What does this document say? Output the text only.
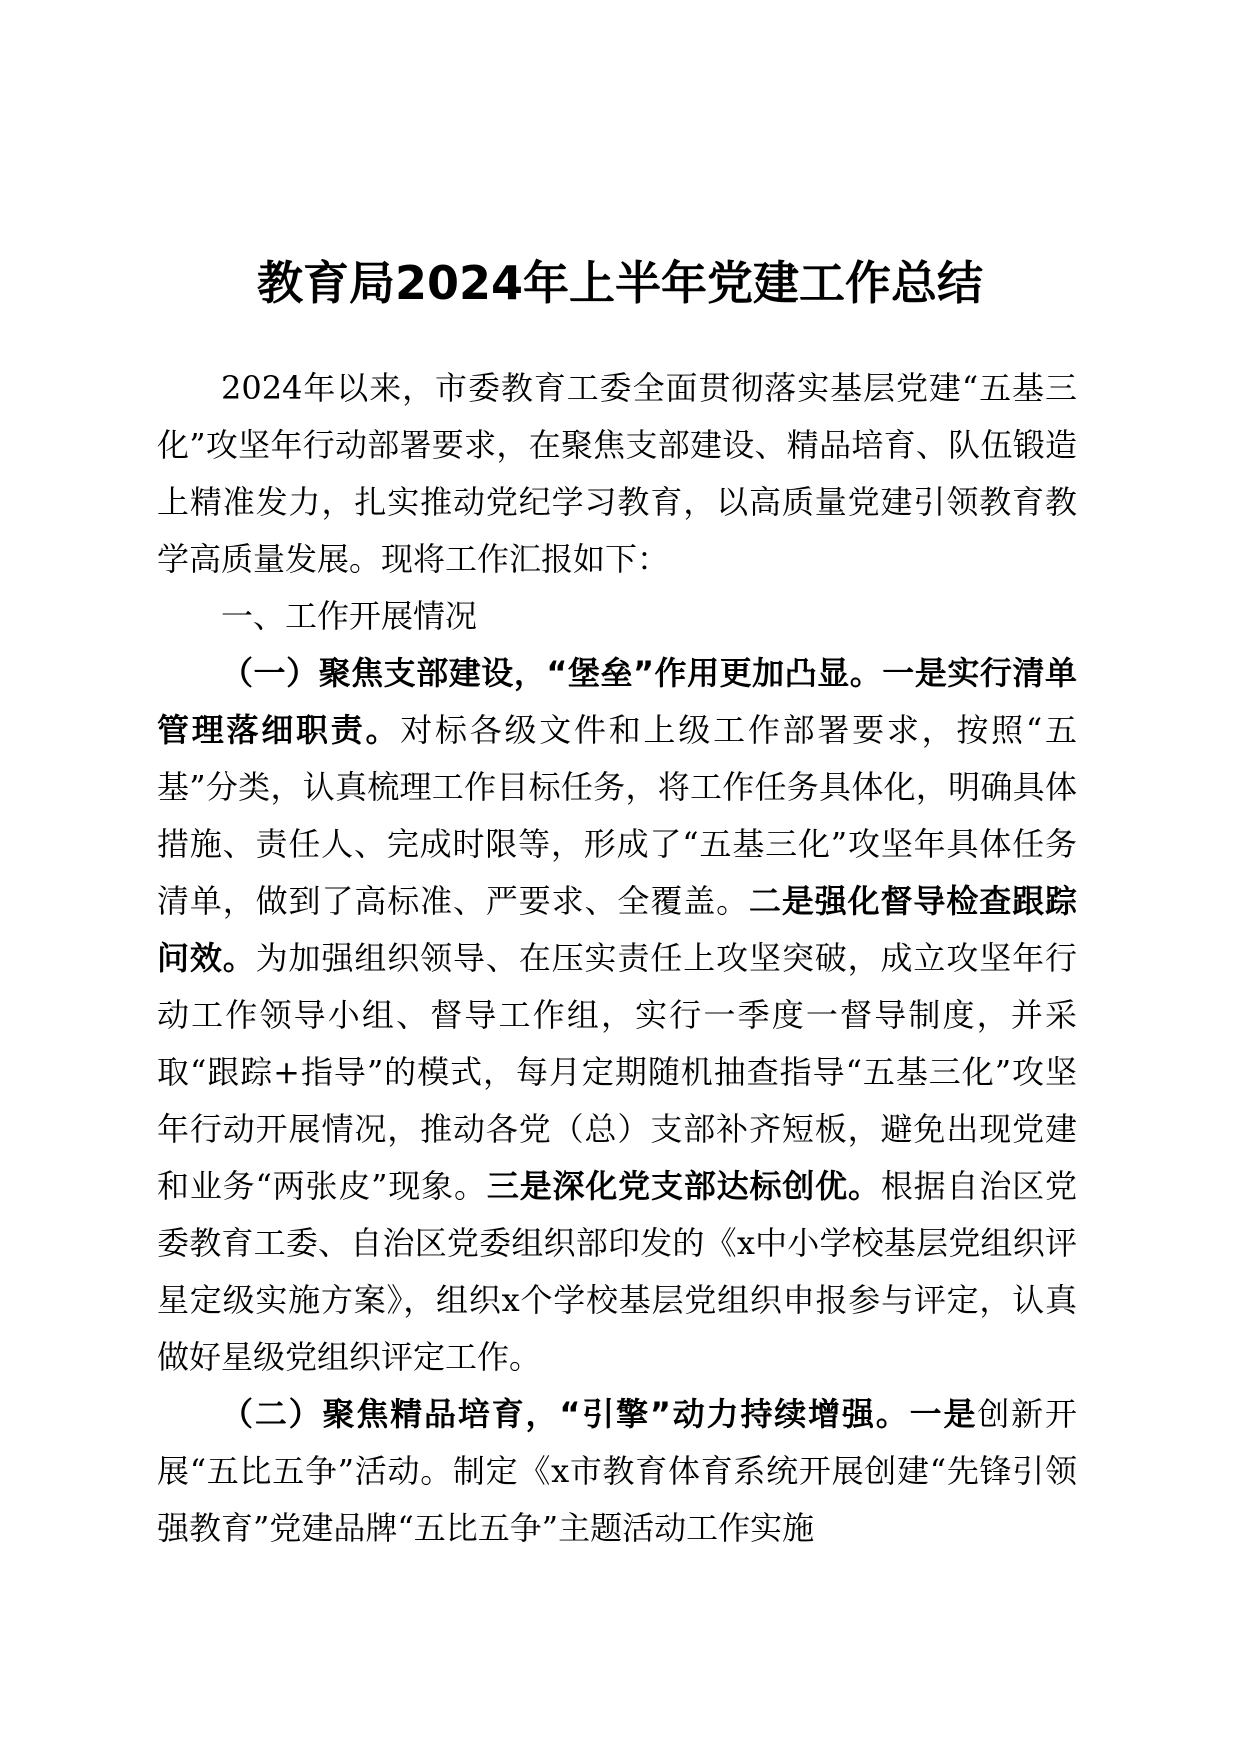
教育局2024年上半年党建工作总结

2024年以来，市委教育工委全面贯彻落实基层党建“五基三化”攻坚年行动部署要求，在聚焦支部建设、精品培育、队伍锻造上精准发力，扎实推动党纪学习教育，以高质量党建引领教育教学高质量发展。现将工作汇报如下：

一、工作开展情况

（一）聚焦支部建设，“堡垒”作用更加凸显。一是实行清单管理落细职责。对标各级文件和上级工作部署要求，按照“五基”分类，认真梳理工作目标任务，将工作任务具体化，明确具体措施、责任人、完成时限等，形成了“五基三化”攻坚年具体任务清单，做到了高标准、严要求、全覆盖。二是强化督导检查跟踪问效。为加强组织领导、在压实责任上攻坚突破，成立攻坚年行动工作领导小组、督导工作组，实行一季度一督导制度，并采取“跟踪+指导”的模式，每月定期随机抽查指导“五基三化”攻坚年行动开展情况，推动各党（总）支部补齐短板，避免出现党建和业务“两张皮”现象。三是深化党支部达标创优。根据自治区党委教育工委、自治区党委组织部印发的《x中小学校基层党组织评星定级实施方案》，组织x个学校基层党组织申报参与评定，认真做好星级党组织评定工作。

（二）聚焦精品培育，“引擎”动力持续增强。一是创新开展“五比五争”活动。制定《x市教育体育系统开展创建“先锋引领强教育”党建品牌“五比五争”主题活动工作实施
